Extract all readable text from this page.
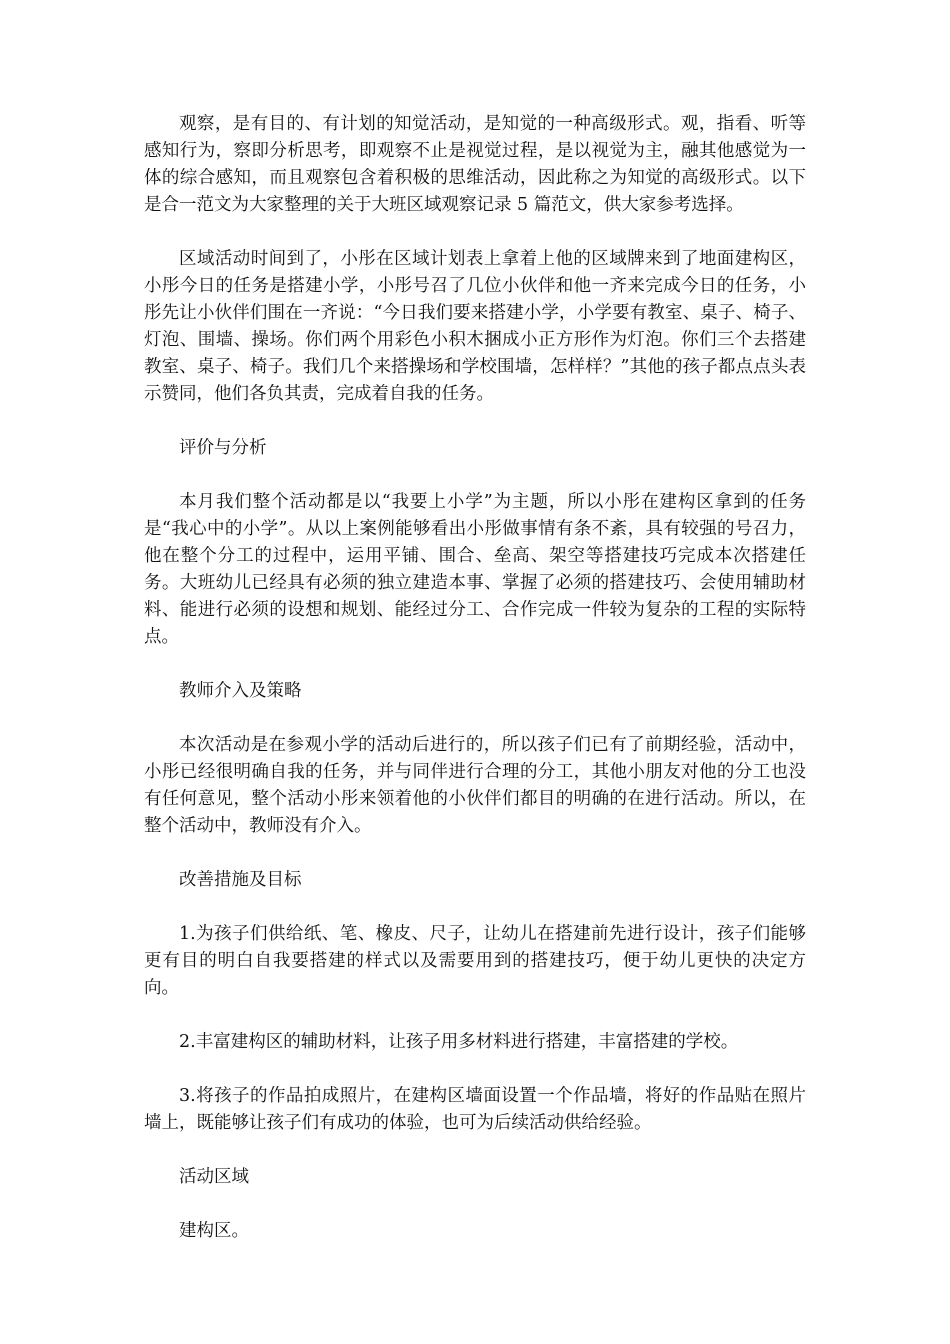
观察，是有目的、有计划的知觉活动，是知觉的一种高级形式。观，指看、听等感知行为，察即分析思考，即观察不止是视觉过程，是以视觉为主，融其他感觉为一体的综合感知，而且观察包含着积极的思维活动，因此称之为知觉的高级形式。以下是合一范文为大家整理的关于大班区域观察记录 5 篇范文，供大家参考选择。

区域活动时间到了，小彤在区域计划表上拿着上他的区域牌来到了地面建构区，小彤今日的任务是搭建小学，小彤号召了几位小伙伴和他一齐来完成今日的任务，小彤先让小伙伴们围在一齐说：“今日我们要来搭建小学，小学要有教室、桌子、椅子、灯泡、围墙、操场。你们两个用彩色小积木捆成小正方形作为灯泡。你们三个去搭建教室、桌子、椅子。我们几个来搭操场和学校围墙，怎样样？”其他的孩子都点点头表示赞同，他们各负其责，完成着自我的任务。

评价与分析

本月我们整个活动都是以“我要上小学”为主题，所以小彤在建构区拿到的任务是“我心中的小学”。从以上案例能够看出小彤做事情有条不紊，具有较强的号召力，他在整个分工的过程中，运用平铺、围合、垒高、架空等搭建技巧完成本次搭建任务。大班幼儿已经具有必须的独立建造本事、掌握了必须的搭建技巧、会使用辅助材料、能进行必须的设想和规划、能经过分工、合作完成一件较为复杂的工程的实际特点。

教师介入及策略

本次活动是在参观小学的活动后进行的，所以孩子们已有了前期经验，活动中，小彤已经很明确自我的任务，并与同伴进行合理的分工，其他小朋友对他的分工也没有任何意见，整个活动小彤来领着他的小伙伴们都目的明确的在进行活动。所以，在整个活动中，教师没有介入。

改善措施及目标

1.为孩子们供给纸、笔、橡皮、尺子，让幼儿在搭建前先进行设计，孩子们能够更有目的明白自我要搭建的样式以及需要用到的搭建技巧，便于幼儿更快的决定方向。

2.丰富建构区的辅助材料，让孩子用多材料进行搭建，丰富搭建的学校。

3.将孩子的作品拍成照片，在建构区墙面设置一个作品墙，将好的作品贴在照片墙上，既能够让孩子们有成功的体验，也可为后续活动供给经验。

活动区域

建构区。
